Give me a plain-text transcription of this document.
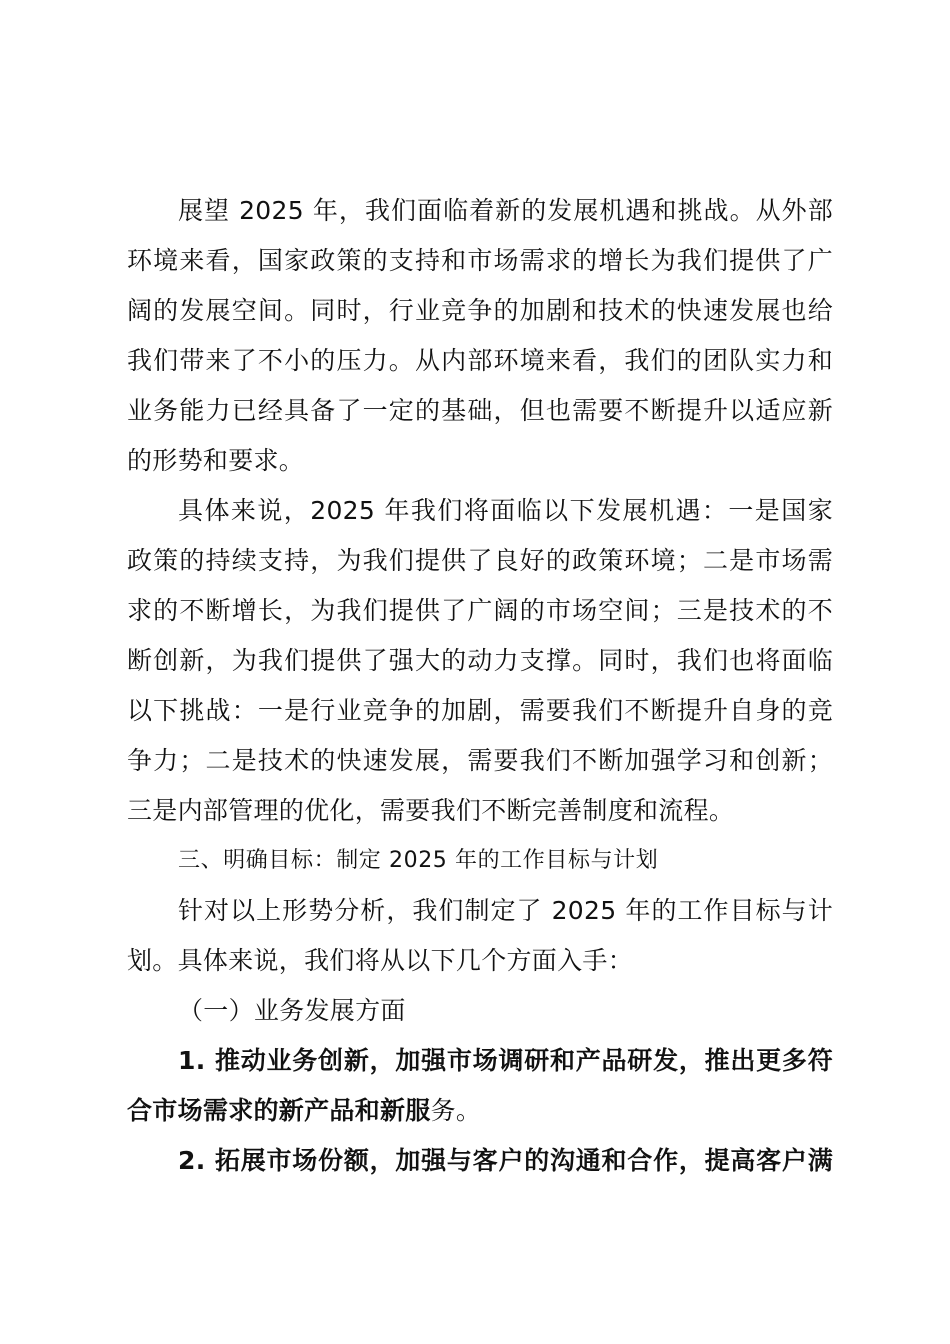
展望 2025 年，我们面临着新的发展机遇和挑战。从外部
环境来看，国家政策的支持和市场需求的增长为我们提供了广
阔的发展空间。同时，行业竞争的加剧和技术的快速发展也给
我们带来了不小的压力。从内部环境来看，我们的团队实力和
业务能力已经具备了一定的基础，但也需要不断提升以适应新
的形势和要求。
具体来说，2025 年我们将面临以下发展机遇：一是国家
政策的持续支持，为我们提供了良好的政策环境；二是市场需
求的不断增长，为我们提供了广阔的市场空间；三是技术的不
断创新，为我们提供了强大的动力支撑。同时，我们也将面临
以下挑战：一是行业竞争的加剧，需要我们不断提升自身的竞
争力；二是技术的快速发展，需要我们不断加强学习和创新；
三是内部管理的优化，需要我们不断完善制度和流程。
三、明确目标：制定 2025 年的工作目标与计划
针对以上形势分析，我们制定了 2025 年的工作目标与计
划。具体来说，我们将从以下几个方面入手：
（一）业务发展方面
1. 推动业务创新，加强市场调研和产品研发，推出更多符
合市场需求的新产品和新服务。
2. 拓展市场份额，加强与客户的沟通和合作，提高客户满
